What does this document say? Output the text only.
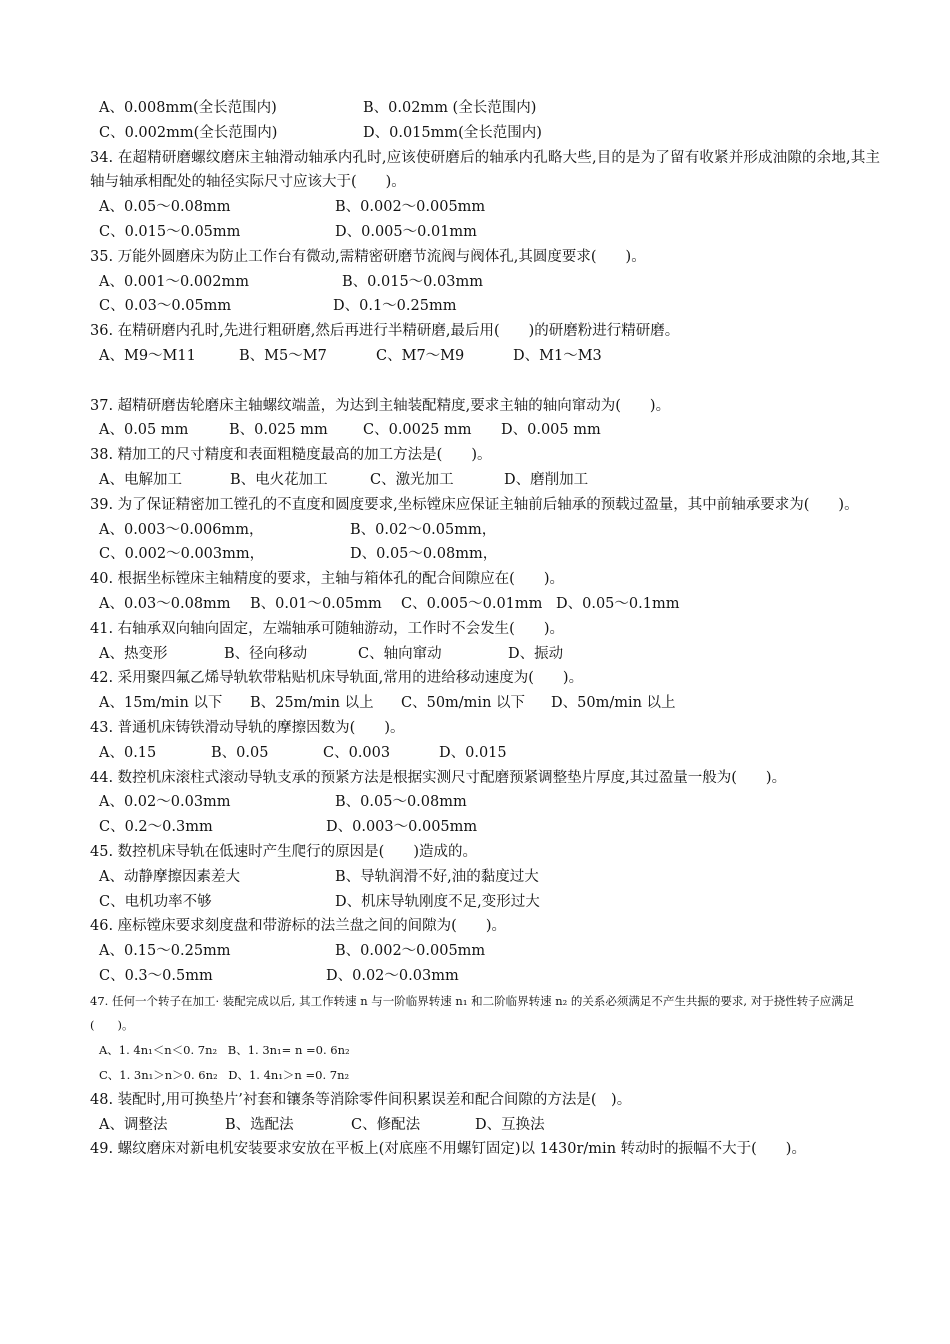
A、0.008mm(全长范围内)	B、0.02mm (全长范围内)
C、0.002mm(全长范围内)	D、0.015mm(全长范围内)
34. 在超精研磨螺纹磨床主轴滑动轴承内孔时,应该使研磨后的轴承内孔略大些,目的是为了留有收紧并形成油隙的余地,其主轴与轴承相配处的轴径实际尺寸应该大于(　　)。
A、0.05～0.08mm	B、0.002～0.005mm
C、0.015～0.05mm	D、0.005～0.01mm
35. 万能外圆磨床为防止工作台有微动,需精密研磨节流阀与阀体孔,其圆度要求(　　)。
A、0.001～0.002mm	B、0.015～0.03mm
C、0.03～0.05mm	D、0.1～0.25mm
36. 在精研磨内孔时,先进行粗研磨,然后再进行半精研磨,最后用(　　)的研磨粉进行精研磨。
A、M9～M11	B、M5～M7	C、M7～M9	D、M1～M3
37. 超精研磨齿轮磨床主轴螺纹端盖，为达到主轴装配精度,要求主轴的轴向窜动为(　　)。
A、0.05 mm	B、0.025 mm	C、0.0025 mm	D、0.005 mm
38. 精加工的尺寸精度和表面粗糙度最高的加工方法是(　　)。
A、电解加工	B、电火花加工	C、激光加工	D、磨削加工
39. 为了保证精密加工镗孔的不直度和圆度要求,坐标镗床应保证主轴前后轴承的预载过盈量，其中前轴承要求为(　　)。
A、0.003～0.006mm，	B、0.02～0.05mm，
C、0.002～0.003mm，	D、0.05～0.08mm，
40. 根据坐标镗床主轴精度的要求，主轴与箱体孔的配合间隙应在(　　)。
A、0.03～0.08mm	B、0.01～0.05mm	C、0.005～0.01mm D、0.05～0.1mm
41. 右轴承双向轴向固定，左端轴承可随轴游动，工作时不会发生(　　)。
A、热变形	B、径向移动	C、轴向窜动	D、振动
42. 采用聚四氟乙烯导轨软带粘贴机床导轨面,常用的进给移动速度为(　　)。
A、15m/min 以下	B、25m/min 以上	C、50m/min 以下	D、50m/min 以上
43. 普通机床铸铁滑动导轨的摩擦因数为(　　)。
A、0.15	B、0.05	C、0.003	D、0.015
44. 数控机床滚柱式滚动导轨支承的预紧方法是根据实测尺寸配磨预紧调整垫片厚度,其过盈量一般为(　　)。
A、0.02～0.03mm	B、0.05～0.08mm
C、0.2～0.3mm	D、0.003～0.005mm
45. 数控机床导轨在低速时产生爬行的原因是(　　)造成的。
A、动静摩擦因素差大	B、导轨润滑不好,油的黏度过大
C、电机功率不够	D、机床导轨刚度不足,变形过大
46. 座标镗床要求刻度盘和带游标的法兰盘之间的间隙为(　　)。
A、0.15～0.25mm	B、0.002～0.005mm
C、0.3～0.5mm	D、0.02～0.03mm
47. 任何一个转子在加工· 装配完成以后, 其工作转速 n 与一阶临界转速 n₁ 和二阶临界转速 n₂ 的关系必须满足不产生共振的要求, 对于挠性转子应满足(　　)。
A、1. 4n₁＜n＜0. 7n₂ B、1. 3n₁= n =0. 6n₂
C、1. 3n₁＞n＞0. 6n₂ D、1. 4n₁＞n =0. 7n₂
48. 装配时,用可换垫片’衬套和镶条等消除零件间积累误差和配合间隙的方法是(　)。
A、调整法	B、选配法	C、修配法	D、互换法
49. 螺纹磨床对新电机安装要求安放在平板上(对底座不用螺钉固定)以 1430r/min 转动时的振幅不大于(　　)。
